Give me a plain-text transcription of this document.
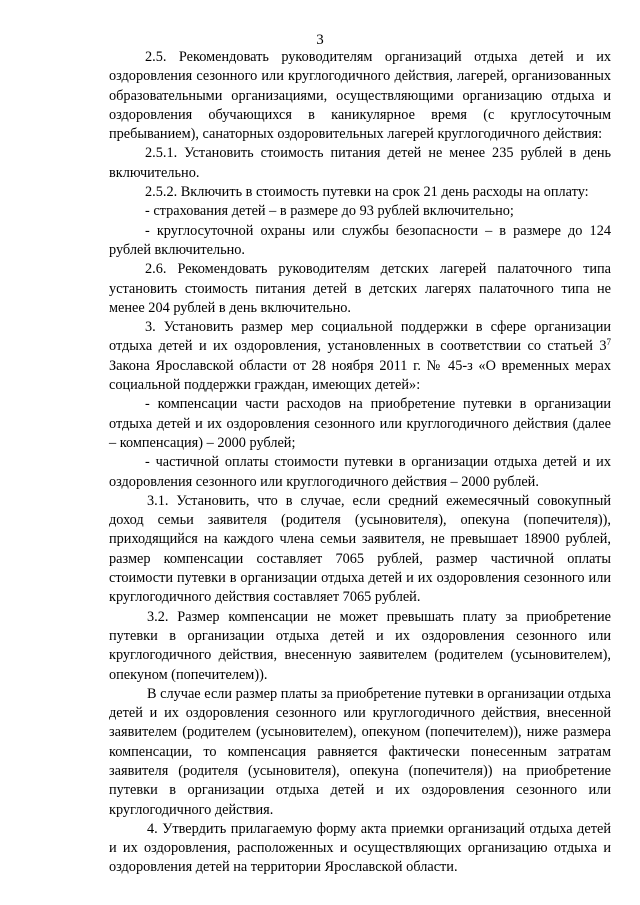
3

2.5. Рекомендовать руководителям организаций отдыха детей и их оздоровления сезонного или круглогодичного действия, лагерей, организованных образовательными организациями, осуществляющими организацию отдыха и оздоровления обучающихся в каникулярное время (с круглосуточным пребыванием), санаторных оздоровительных лагерей круглогодичного действия:

2.5.1. Установить стоимость питания детей не менее 235 рублей в день включительно.

2.5.2. Включить в стоимость путевки на срок 21 день расходы на оплату:

- страхования детей – в размере до 93 рублей включительно;

- круглосуточной охраны или службы безопасности – в размере до 124 рублей включительно.

2.6. Рекомендовать руководителям детских лагерей палаточного типа установить стоимость питания детей в детских лагерях палаточного типа не менее 204 рублей в день включительно.

3. Установить размер мер социальной поддержки в сфере организации отдыха детей и их оздоровления, установленных в соответствии со статьей $3^7$ Закона Ярославской области от 28 ноября 2011 г. № 45-з «О временных мерах социальной поддержки граждан, имеющих детей»:

- компенсации части расходов на приобретение путевки в организации отдыха детей и их оздоровления сезонного или круглогодичного действия (далее – компенсация) – 2000 рублей;

- частичной оплаты стоимости путевки в организации отдыха детей и их оздоровления сезонного или круглогодичного действия – 2000 рублей.

3.1. Установить, что в случае, если средний ежемесячный совокупный доход семьи заявителя (родителя (усыновителя), опекуна (попечителя)), приходящийся на каждого члена семьи заявителя, не превышает 18900 рублей, размер компенсации составляет 7065 рублей, размер частичной оплаты стоимости путевки в организации отдыха детей и их оздоровления сезонного или круглогодичного действия составляет 7065 рублей.

3.2. Размер компенсации не может превышать плату за приобретение путевки в организации отдыха детей и их оздоровления сезонного или круглогодичного действия, внесенную заявителем (родителем (усыновителем), опекуном (попечителем)).

В случае если размер платы за приобретение путевки в организации отдыха детей и их оздоровления сезонного или круглогодичного действия, внесенной заявителем (родителем (усыновителем), опекуном (попечителем)), ниже размера компенсации, то компенсация равняется фактически понесенным затратам заявителя (родителя (усыновителя), опекуна (попечителя)) на приобретение путевки в организации отдыха детей и их оздоровления сезонного или круглогодичного действия.

4. Утвердить прилагаемую форму акта приемки организаций отдыха детей и их оздоровления, расположенных и осуществляющих организацию отдыха и оздоровления детей на территории Ярославской области.
